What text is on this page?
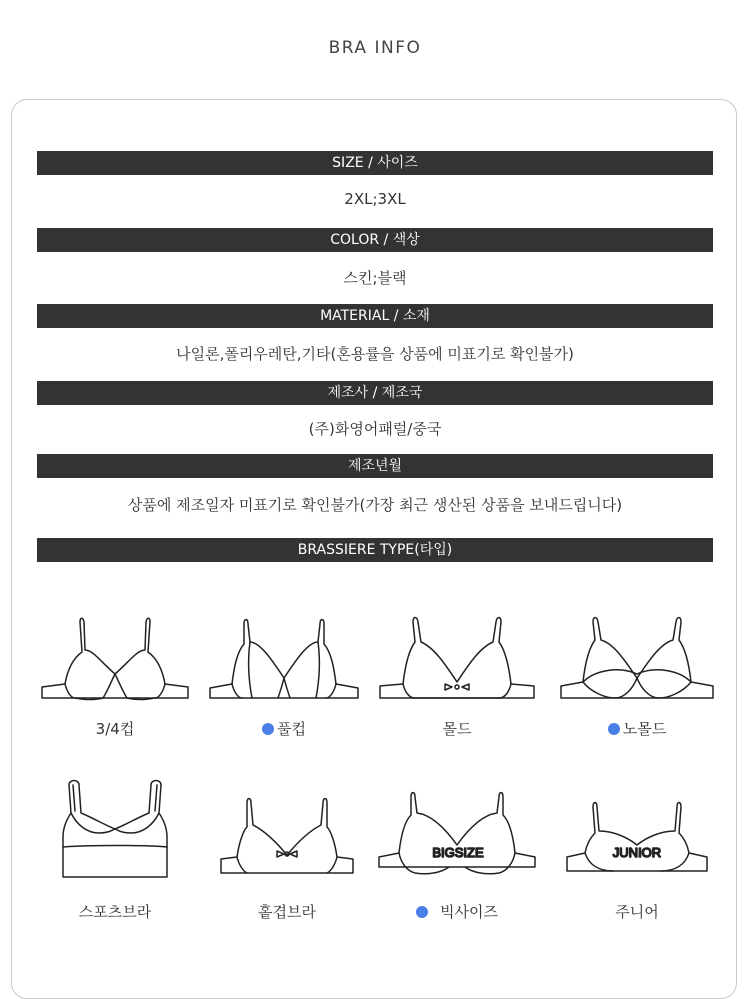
BRA INFO
SIZE / 사이즈
2XL;3XL
COLOR / 색상
스킨;블랙
MATERIAL / 소재
나일론,폴리우레탄,기타(혼용률을 상품에 미표기로 확인불가)
제조사 / 제조국
(주)화영어패럴/중국
제조년월
상품에 제조일자 미표기로 확인불가(가장 최근 생산된 상품을 보내드립니다)
BRASSIERE TYPE(타입)
3/4컵	풀컵	몰드	노몰드
스포츠브라	홑겹브라
BIGSIZE
빅사이즈
JUNIOR
주니어
